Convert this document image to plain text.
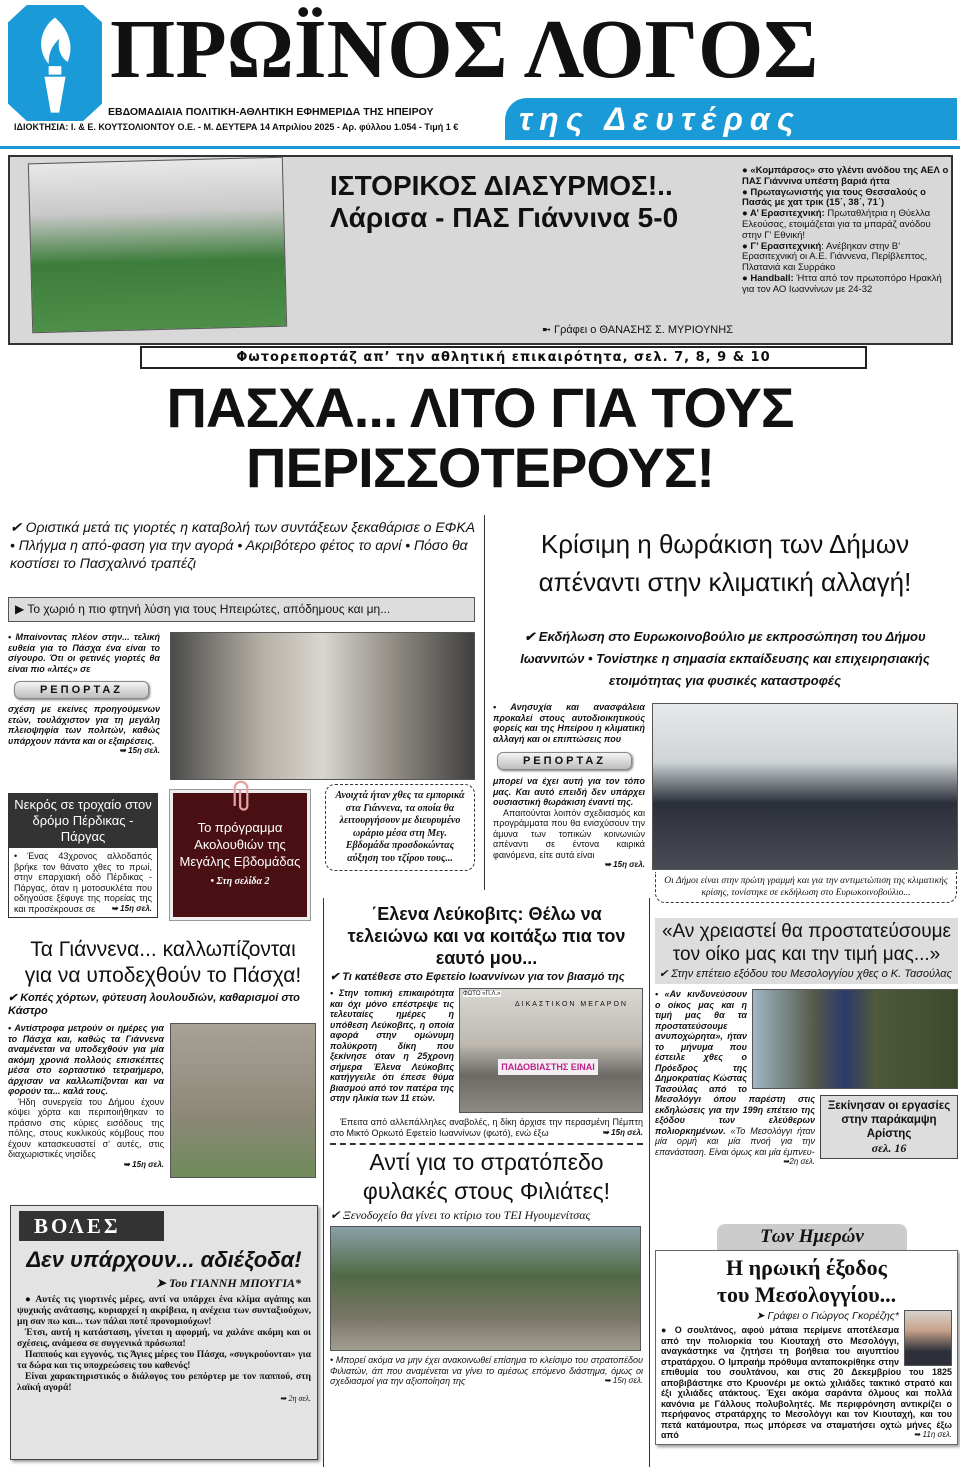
ΠΡΩΪΝΟΣ ΛΟΓΟΣ
ΕΒΔΟΜΑΔΙΑΙΑ ΠΟΛΙΤΙΚΗ-ΑΘΛΗΤΙΚΗ ΕΦΗΜΕΡΙΔΑ ΤΗΣ ΗΠΕΙΡΟΥ
ΙΔΙΟΚΤΗΣΙΑ: Ι. & Ε. ΚΟΥΤΣΟΛΙΟΝΤΟΥ Ο.Ε. - Μ. ΔΕΥΤΕΡΑ 14 Απριλίου 2025 - Αρ. φύλλου 1.054 - Τιμή 1 €	της Δευτέρας
ΙΣΤΟΡΙΚΟΣ ΔΙΑΣΥΡΜΟΣ!..
Λάρισα - ΠΑΣ Γιάννινα 5-0
➼ Γράφει ο ΘΑΝΑΣΗΣ Σ. ΜΥΡΙΟΥΝΗΣ
● «Κομπάρσος» στο γλέντι ανόδου της ΑΕΛ ο ΠΑΣ Γιάννινα υπέστη βαριά ήττα
● Πρωταγωνιστής για τους Θεσσαλούς ο Πασάς με χατ τρικ (15΄, 38΄, 71΄)
● Α’ Ερασιτεχνική: Πρωταθλήτρια η Θύελλα Ελεούσας, ετοιμάζεται για τα μπαράζ ανόδου στην Γ’ Εθνική!
● Γ’ Ερασιτεχνική: Ανέβηκαν στην Β’ Ερασιτεχνική οι Α.Ε. Γιάννενα, Περίβλεπτος, Πλατανιά και Συρράκο
● Handball: Ήττα από τον πρωτοπόρο Ηρακλή για τον ΑΟ Ιωαννίνων με 24-32
Φωτορεπορτάζ απ’ την αθλητική επικαιρότητα, σελ. 7, 8, 9 & 10
ΠΑΣΧΑ... ΛΙΤΟ ΓΙΑ ΤΟΥΣ ΠΕΡΙΣΣΟΤΕΡΟΥΣ!
✔ Οριστικά μετά τις γιορτές η καταβολή των συντάξεων ξεκαθάρισε ο ΕΦΚΑ • Πλήγμα η από-φαση για την αγορά • Ακριβότερο φέτος το αρνί • Πόσο θα κοστίσει το Πασχαλινό τραπέζι
▶ Το χωριό η πιο φτηνή λύση για τους Ηπειρώτες, απόδημους και μη...
• Μπαίνοντας πλέον στην... τελική ευθεία για το Πάσχα ένα είναι το σίγουρο. Ότι οι φετινές γιορτές θα είναι πιο «λιτές» σε
ΡΕΠΟΡΤΑΖ
σχέση με εκείνες προηγούμενων ετών, τουλάχιστον για τη μεγάλη πλειοψηφία των πολιτών, καθώς υπάρχουν πάντα και οι εξαιρέσεις.
➥ 15η σελ.
Ανοιχτά ήταν χθες τα εμπορικά στα Γιάννενα, τα οποία θα λειτουργήσουν με διευρυμένο ωράριο μέσα στη Μεγ. Εβδομάδα προσδοκώντας αύξηση του τζίρου τους...
Νεκρός σε τροχαίο στον δρόμο Πέρδικας - Πάργας
• Ένας 43χρονος αλλοδαπός βρήκε τον θάνατο χθες το πρωί, στην επαρχιακή οδό Πέρδικας - Πάργας, όταν η μοτοσυκλέτα που οδηγούσε ξέφυγε της πορείας της και προσέκρουσε σε ➥ 15η σελ.
Το πρόγραμμα Ακολουθιών της Μεγάλης Εβδομάδας
• Στη σελίδα 2
Κρίσιμη η θωράκιση των Δήμων
απέναντι στην κλιματική αλλαγή!
✔ Εκδήλωση στο Ευρωκοινοβούλιο με εκπροσώπηση του Δήμου Ιωαννιτών • Τονίστηκε η σημασία εκπαίδευσης και επιχειρησιακής ετοιμότητας για φυσικές καταστροφές
• Ανησυχία και ανασφάλεια προκαλεί στους αυτοδιοικητικούς φορείς και της Ηπείρου η κλιματική αλλαγή και οι επιπτώσεις που
ΡΕΠΟΡΤΑΖ
μπορεί να έχει αυτή για τον τόπο μας. Και αυτό επειδή δεν υπάρχει ουσιαστική θωράκιση έναντί της.
Απαιτούνται λοιπόν σχεδιασμός και προγράμματα που θα ενισχύσουν την άμυνα των τοπικών κοινωνιών απέναντι σε έντονα καιρικά φαινόμενα, είτε αυτά είναι
➥ 15η σελ.
Οι Δήμοι είναι στην πρώτη γραμμή και για την αντιμετώπιση της κλιματικής κρίσης, τονίστηκε σε εκδήλωση στο Ευρωκοινοβούλιο...
Τα Γιάννενα... καλλωπίζονται
για να υποδεχθούν το Πάσχα!
✔ Κοπές χόρτων, φύτευση λουλουδιών, καθαρισμοί στο Κάστρο
• Αντίστροφα μετρούν οι ημέρες για το Πάσχα και, καθώς τα Γιάννενα αναμένεται να υποδεχθούν για μία ακόμη χρονιά πολλούς επισκέπτες μέσα στο εορταστικό τετραήμερο, άρχισαν να καλλωπίζονται και να φορούν τα... καλά τους.
Ήδη συνεργεία του Δήμου έχουν κόψει χόρτα και περιποιήθηκαν το πράσινο στις κύριες εισόδους της πόλης, στους κυκλικούς κόμβους που έχουν κατασκευαστεί σ’ αυτές, στις διαχωριστικές νησίδες
➥ 15η σελ.
΄Ελενα Λεύκοβιτς: Θέλω να τελειώνω και να κοιτάξω πια τον εαυτό μου...
✔ Τι κατέθεσε στο Εφετείο Ιωαννίνων για τον βιασμό της
• Στην τοπική επικαιρότητα και όχι μόνο επέστρεψε τις τελευταίες ημέρες η υπόθεση Λεύκοβιτς, η οποία αφορά στην ομώνυμη πολύκροτη δίκη που ξεκίνησε όταν η 25χρονη σήμερα Έλενα Λεύκοβιτς κατήγγειλε ότι έπεσε θύμα βιασμού από τον πατέρα της στην ηλικία των 11 ετών.
ΦΩΤΟ «Π.Λ.»
ΔΙΚΑΣΤΙΚΟΝ ΜΕΓΑΡΟΝ
ΠΑΙΔΟΒΙΑΣΤΗΣ ΕΙΝΑΙ
Έπειτα από αλλεπάλληλες αναβολές, η δίκη άρχισε την περασμένη Πέμπτη στο Μικτό Ορκωτό Εφετείο Ιωαννίνων (φωτό), ενώ έξω	➥ 15η σελ.
Αντί για το στρατόπεδο
φυλακές στους Φιλιάτες!
✔ Ξενοδοχείο θα γίνει το κτίριο του ΤΕΙ Ηγουμενίτσας
• Μπορεί ακόμα να μην έχει ανακοινωθεί επίσημα το κλείσιμο του στρατοπέδου Φιλιατών, άπ που αναμένεται να γίνει το αμέσως επόμενο διάστημα, όμως οι σχεδιασμοί για την αξιοποίηση της	➥ 15η σελ.
«Αν χρειαστεί θα προστατεύσουμε τον οίκο μας και την τιμή μας...»
✔ Στην επέτειο εξόδου του Μεσολογγίου χθες ο Κ. Τασούλας
Ξεκίνησαν οι εργασίες
στην παράκαμψη Αρίστης
σελ. 16
• «Αν κινδυνεύσουν ο οίκος μας και η τιμή μας θα τα προστατεύσουμε ανυποχώρητα», ήταν το μήνυμα που έστειλε χθες ο Πρόεδρος της Δημοκρατίας Κώστας Τασούλας από το Μεσολόγγι όπου παρέστη στις εκδηλώσεις για την 199η επέτειο της εξόδου των ελεύθερων πολιορκημένων. «Το Μεσολόγγι ήταν μία ορμή και μία πνοή για την επανάσταση. Είναι όμως και μία έμπνευ-
➥2η σελ.
ΒΟΛΕΣ
Δεν υπάρχουν... αδιέξοδα!
➤ Του ΓΙΑΝΝΗ ΜΠΟΥΓΙΑ*
● Αυτές τις γιορτινές μέρες, αντί να υπάρχει ένα κλίμα αγάπης και ψυχικής ανάτασης, κυριαρχεί η ακρίβεια, η ανέχεια των συνταξιούχων, μη σαν πω και... των πάλαι ποτέ προνομιούχων!
Έτσι, αυτή η κατάσταση, γίνεται η αφορμή, να χαλάνε ακόμη και οι σχέσεις, ανάμεσα σε συγγενικά πρόσωπα!
Παππούς και εγγονός, τις Άγιες μέρες του Πάσχα, «συγκρούονται» για τα δώρα και τις υποχρεώσεις του καθενός!
Είναι χαρακτηριστικός ο διάλογος του ρεπόρτερ με τον παππού, στη λαϊκή αγορά!
➥ 2η σελ.
Των Ημερών
Η ηρωική έξοδος
του Μεσολογγίου...
➤ Γράφει ο Γιώργος Γκορέζης*
● Ο σουλτάνος, αφού μάταια περίμενε αποτέλεσμα από την πολιορκία του Κιουταχή στο Μεσολόγγι, αναγκάστηκε να ζητήσει τη βοήθεια του αιγυπτίου στρατάρχου. Ο Ιμπραήμ πρόθυμα ανταποκρίθηκε στην επιθυμία του σουλτάνου, και στις 20 Δεκεμβρίου του 1825 αποβιβάστηκε στο Κρυονέρι με οκτώ χιλιάδες τακτικό στρατό και έξι χιλιάδες ατάκτους. Έχει ακόμα σαράντα όλμους και πολλά κανόνια με Γάλλους πολυβολητές. Με περιφρόνηση αντικρίζει ο περήφανος στρατάρχης το Μεσολόγγι και τον Κιουταχή, και του πετά κατάμουτρα, πως μπόρεσε να σταματήσει οχτώ μήνες έξω από	➥ 11η σελ.
